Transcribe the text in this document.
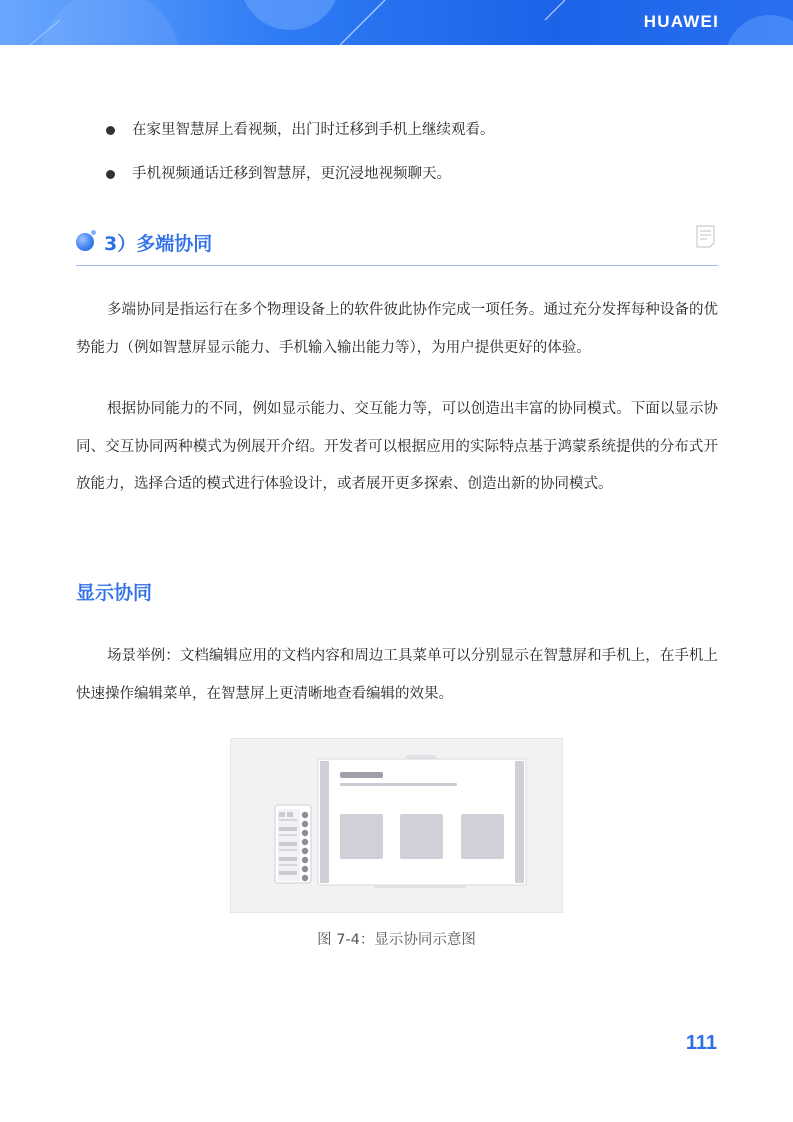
HUAWEI
在家里智慧屏上看视频，出门时迁移到手机上继续观看。
手机视频通话迁移到智慧屏，更沉浸地视频聊天。
3）多端协同

多端协同是指运行在多个物理设备上的软件彼此协作完成一项任务。通过充分发挥每种设备的优势能力（例如智慧屏显示能力、手机输入输出能力等），为用户提供更好的体验。

根据协同能力的不同，例如显示能力、交互能力等，可以创造出丰富的协同模式。下面以显示协同、交互协同两种模式为例展开介绍。开发者可以根据应用的实际特点基于鸿蒙系统提供的分布式开放能力，选择合适的模式进行体验设计，或者展开更多探索、创造出新的协同模式。

显示协同

场景举例：文档编辑应用的文档内容和周边工具菜单可以分别显示在智慧屏和手机上，在手机上快速操作编辑菜单，在智慧屏上更清晰地查看编辑的效果。

图 7-4：显示协同示意图
111
